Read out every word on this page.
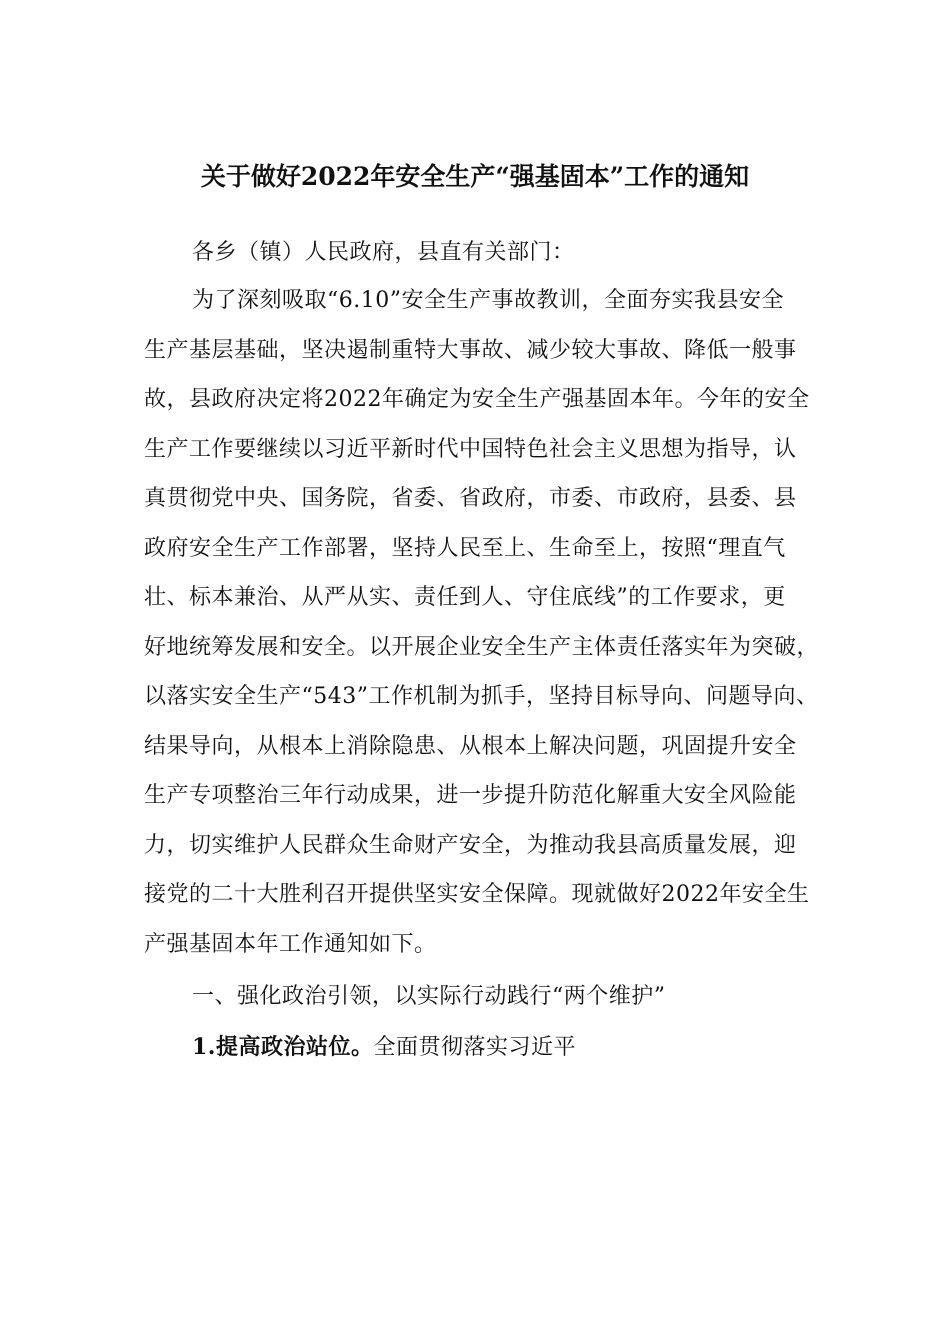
关于做好2022年安全生产“强基固本”工作的通知
各乡（镇）人民政府，县直有关部门：
为了深刻吸取“6.10”安全生产事故教训，全面夯实我县安全
生产基层基础，坚决遏制重特大事故、减少较大事故、降低一般事
故，县政府决定将2022年确定为安全生产强基固本年。今年的安全
生产工作要继续以习近平新时代中国特色社会主义思想为指导，认
真贯彻党中央、国务院，省委、省政府，市委、市政府，县委、县
政府安全生产工作部署，坚持人民至上、生命至上，按照“理直气
壮、标本兼治、从严从实、责任到人、守住底线”的工作要求，更
好地统筹发展和安全。以开展企业安全生产主体责任落实年为突破，
以落实安全生产“543”工作机制为抓手，坚持目标导向、问题导向、
结果导向，从根本上消除隐患、从根本上解决问题，巩固提升安全
生产专项整治三年行动成果，进一步提升防范化解重大安全风险能
力，切实维护人民群众生命财产安全，为推动我县高质量发展，迎
接党的二十大胜利召开提供坚实安全保障。现就做好2022年安全生
产强基固本年工作通知如下。
一、强化政治引领，以实际行动践行“两个维护”
1.提高政治站位。全面贯彻落实习近平
